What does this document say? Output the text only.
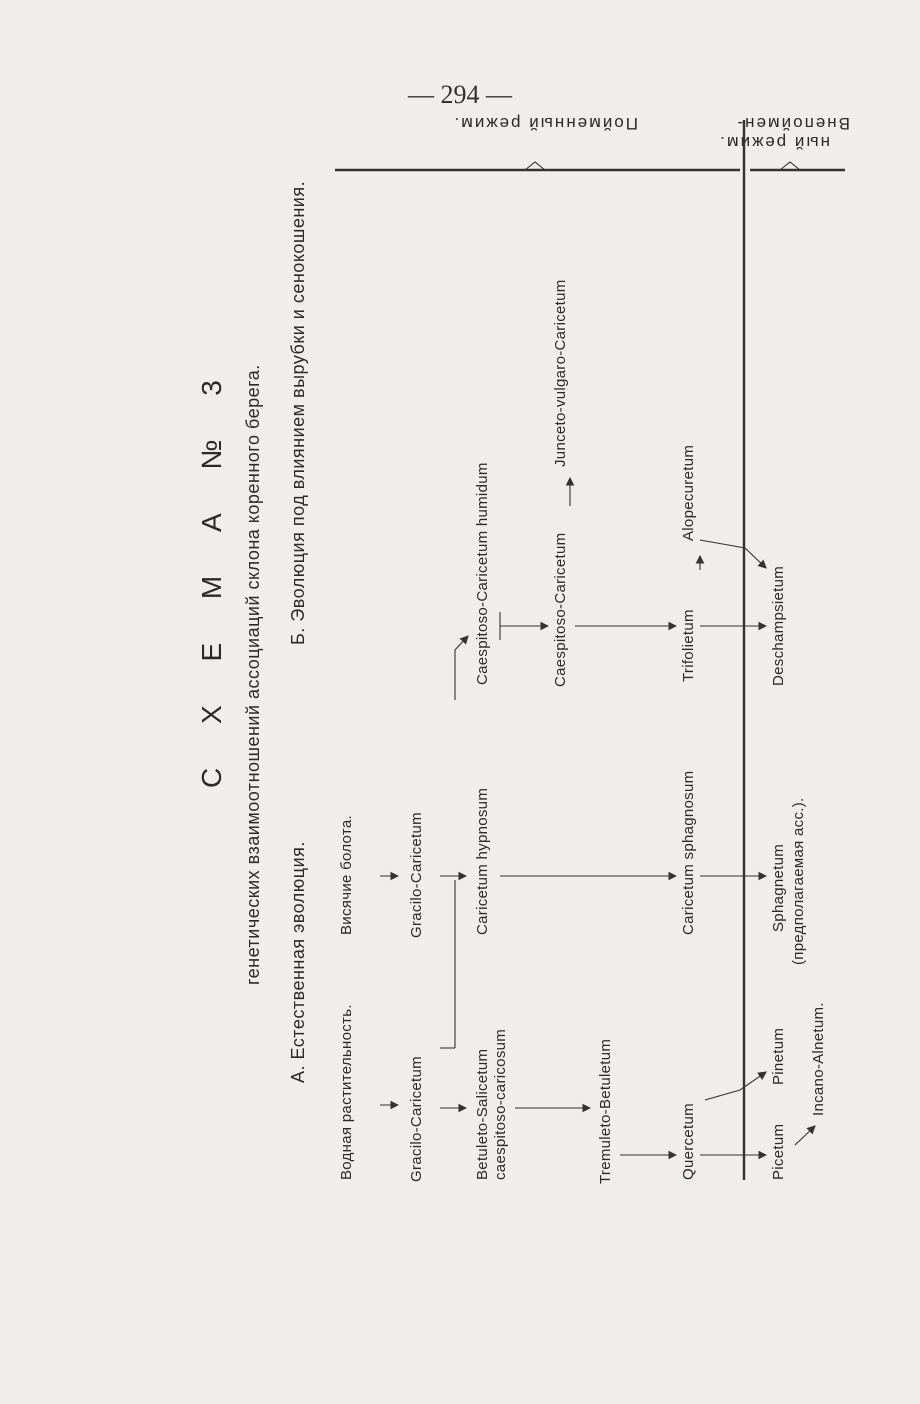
— 294 —
С Х Е М А № 3 генетических взаимоотношений ассоциаций склона коренного берега. А. Естественная эволюция.
Б. Эволюция под влиянием вырубки и сенокошения.
Пойменный режим.	Внепоймен-
ный режим.
Водная растительность.
Висячие болота.
Gracilo-Caricetum
Gracilo-Caricetum
Betuleto-Salicetum caespitoso-caricosum
Caricetum hypnosum
Caespitoso-Caricetum humidum
Tremuleto-Betuletum
Caespitoso-Caricetum
Junceto-vulgaro-Caricetum
Quercetum
Caricetum sphagnosum
Trifolietum
Alopecuretum
Picetum
Pinetum
Sphagnetum (предполагаемая асс.).
Deschampsietum
Incano-Alnetum.
